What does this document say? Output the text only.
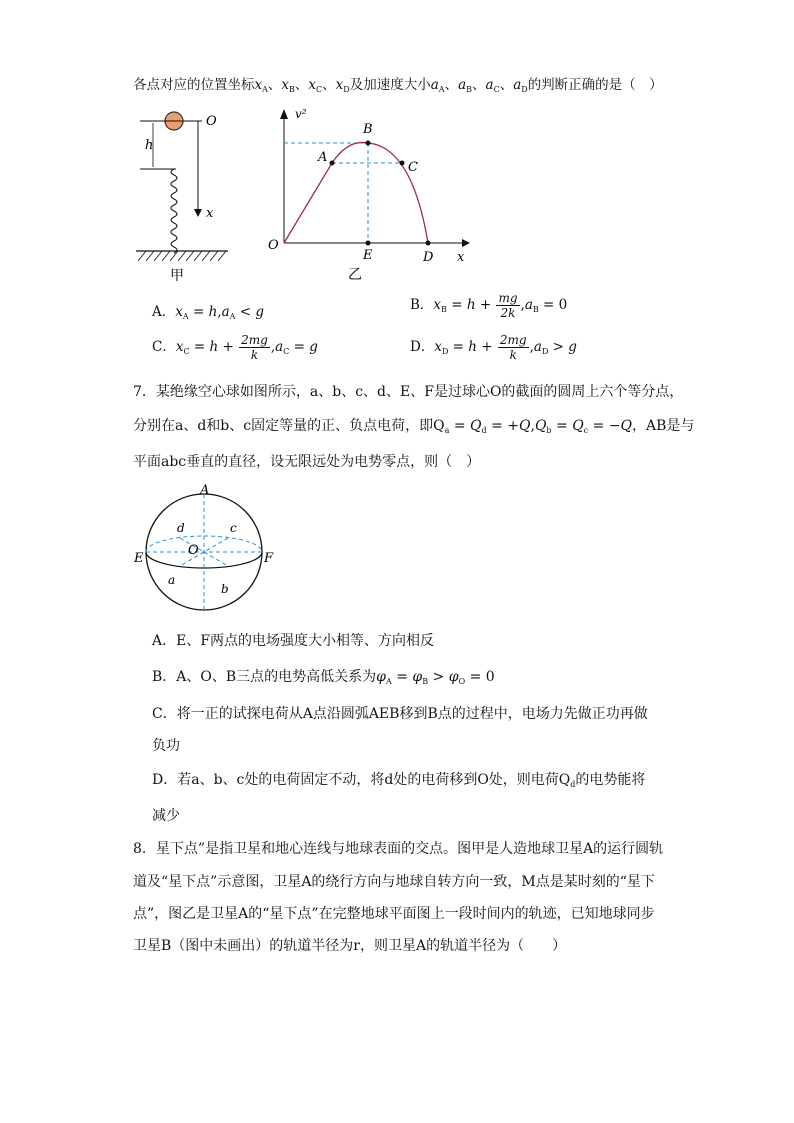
各点对应的位置坐标$x_A$、$x_B$、$x_C$、$x_D$及加速度大小$a_A$、$a_B$、$a_C$、$a_D$的判断正确的是（　）
h
O
x
甲
v²
x
O
A
B
C
D
E
乙
A．$x_A = h,a_A < g$	B．$x_B = h + \frac{mg}{2k} ,a_B = 0$
C．$x_C = h + \frac{2mg}{k} ,a_C = g$	D．$x_D = h + \frac{2mg}{k} ,a_D > g$
7．某绝缘空心球如图所示，a、b、c、d、E、F是过球心O的截面的圆周上六个等分点，
分别在a、d和b、c固定等量的正、负点电荷，即$Q_a = Q_d = +Q,Q_b = Q_c = -Q$，AB是与
平面abc垂直的直径，设无限远处为电势零点，则（　）
A
E	F
O
d	c
a
b
A．E、F两点的电场强度大小相等、方向相反
B．A、O、B三点的电势高低关系为$\varphi_A = \varphi_B > \varphi_O = 0$
C．将一正的试探电荷从A点沿圆弧AEB移到B点的过程中，电场力先做正功再做
负功
D．若a、b、c处的电荷固定不动，将d处的电荷移到O处，则电荷$Q_d$的电势能将
减少
8．星下点”是指卫星和地心连线与地球表面的交点。图甲是人造地球卫星A的运行圆轨
道及“星下点”示意图，卫星A的绕行方向与地球自转方向一致，M点是某时刻的“星下
点”，图乙是卫星A的“星下点”在完整地球平面图上一段时间内的轨迹，已知地球同步
卫星B（图中未画出）的轨道半径为r，则卫星A的轨道半径为（　　）
